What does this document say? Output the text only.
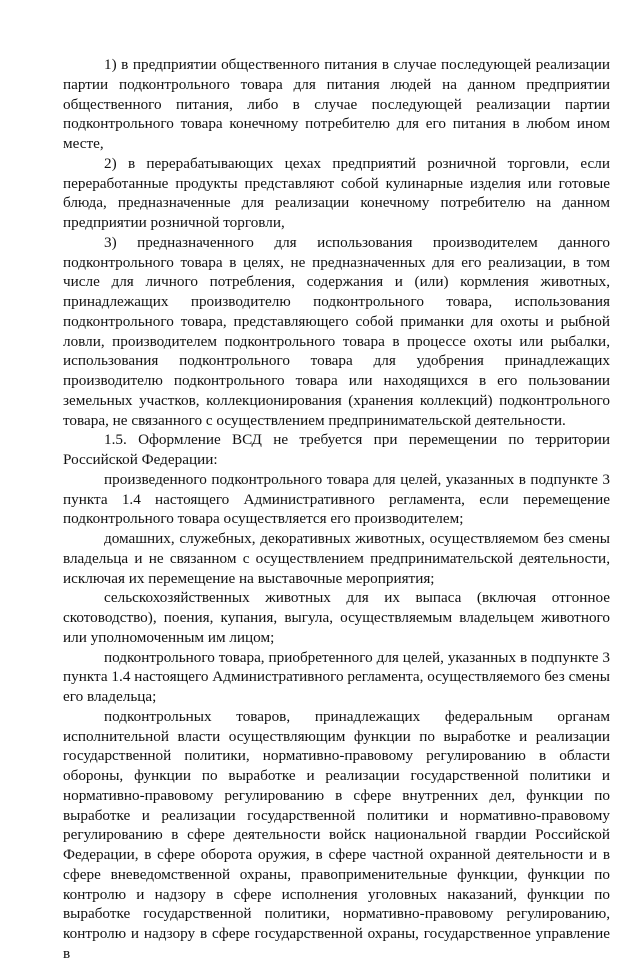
1) в предприятии общественного питания в случае последующей реализации партии подконтрольного товара для питания людей на данном предприятии общественного питания, либо в случае последующей реализации партии подконтрольного товара конечному потребителю для его питания в любом ином месте,

2) в перерабатывающих цехах предприятий розничной торговли, если переработанные продукты представляют собой кулинарные изделия или готовые блюда, предназначенные для реализации конечному потребителю на данном предприятии розничной торговли,

3) предназначенного для использования производителем данного подконтрольного товара в целях, не предназначенных для его реализации, в том числе для личного потребления, содержания и (или) кормления животных, принадлежащих производителю подконтрольного товара, использования подконтрольного товара, представляющего собой приманки для охоты и рыбной ловли, производителем подконтрольного товара в процессе охоты или рыбалки, использования подконтрольного товара для удобрения принадлежащих производителю подконтрольного товара или находящихся в его пользовании земельных участков, коллекционирования (хранения коллекций) подконтрольного товара, не связанного с осуществлением предпринимательской деятельности.

1.5. Оформление ВСД не требуется при перемещении по территории Российской Федерации:

произведенного подконтрольного товара для целей, указанных в подпункте 3 пункта 1.4 настоящего Административного регламента, если перемещение подконтрольного товара осуществляется его производителем;

домашних, служебных, декоративных животных, осуществляемом без смены владельца и не связанном с осуществлением предпринимательской деятельности, исключая их перемещение на выставочные мероприятия;

сельскохозяйственных животных для их выпаса (включая отгонное скотоводство), поения, купания, выгула, осуществляемым владельцем животного или уполномоченным им лицом;

подконтрольного товара, приобретенного для целей, указанных в подпункте 3 пункта 1.4 настоящего Административного регламента, осуществляемого без смены его владельца;

подконтрольных товаров, принадлежащих федеральным органам исполнительной власти осуществляющим функции по выработке и реализации государственной политики, нормативно-правовому регулированию в области обороны, функции по выработке и реализации государственной политики и нормативно-правовому регулированию в сфере внутренних дел, функции по выработке и реализации государственной политики и нормативно-правовому регулированию в сфере деятельности войск национальной гвардии Российской Федерации, в сфере оборота оружия, в сфере частной охранной деятельности и в сфере вневедомственной охраны, правоприменительные функции, функции по контролю и надзору в сфере исполнения уголовных наказаний, функции по выработке государственной политики, нормативно-правовому регулированию, контролю и надзору в сфере государственной охраны, государственное управление в
